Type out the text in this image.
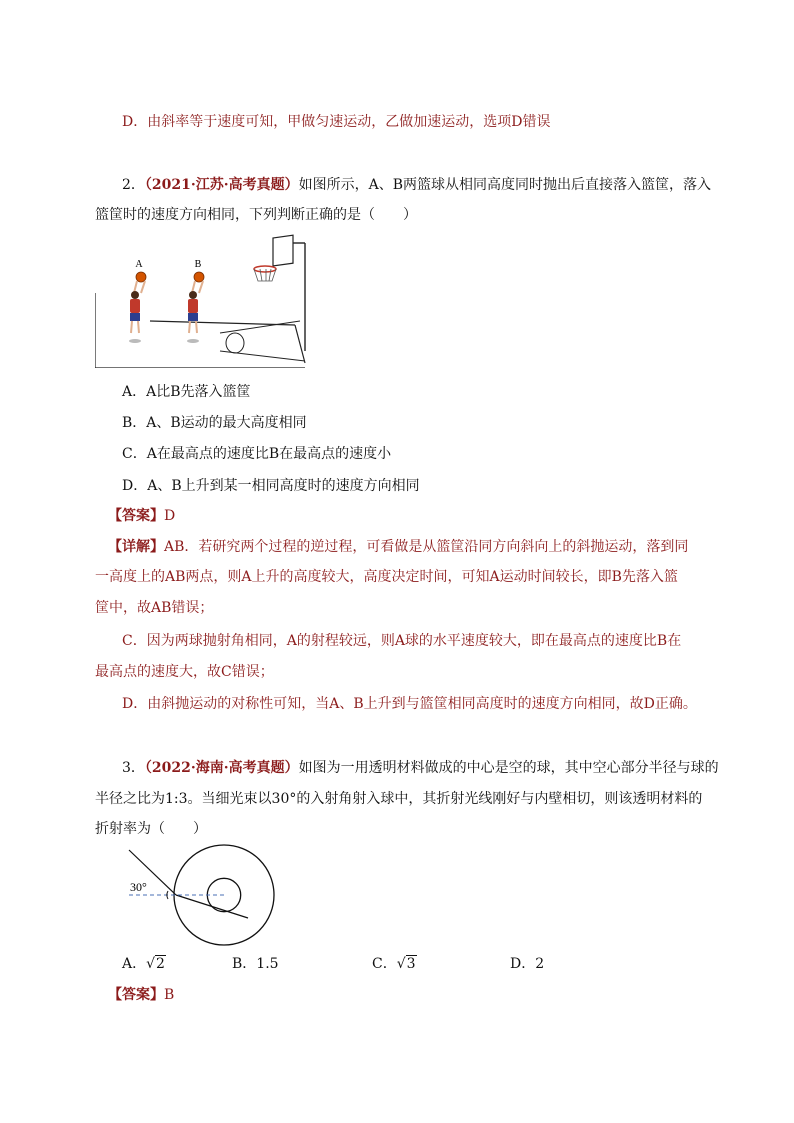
D．由斜率等于速度可知，甲做匀速运动，乙做加速运动，选项D错误
2．（2021·江苏·高考真题）如图所示，A、B两篮球从相同高度同时抛出后直接落入篮筐，落入
篮筐时的速度方向相同，下列判断正确的是（　　）
A	B
A．A比B先落入篮筐
B．A、B运动的最大高度相同
C．A在最高点的速度比B在最高点的速度小
D．A、B上升到某一相同高度时的速度方向相同
【答案】D
【详解】AB．若研究两个过程的逆过程，可看做是从篮筐沿同方向斜向上的斜抛运动，落到同
一高度上的AB两点，则A上升的高度较大，高度决定时间，可知A运动时间较长，即B先落入篮
筐中，故AB错误；
C．因为两球抛射角相同，A的射程较远，则A球的水平速度较大，即在最高点的速度比B在
最高点的速度大，故C错误；
D．由斜抛运动的对称性可知，当A、B上升到与篮筐相同高度时的速度方向相同，故D正确。
3．（2022·海南·高考真题）如图为一用透明材料做成的中心是空的球，其中空心部分半径与球的
半径之比为1:3。当细光束以30°的入射角射入球中，其折射光线刚好与内壁相切，则该透明材料的
折射率为（　　）
30°
A．√2	B．1.5	C．√3	D．2
【答案】B
